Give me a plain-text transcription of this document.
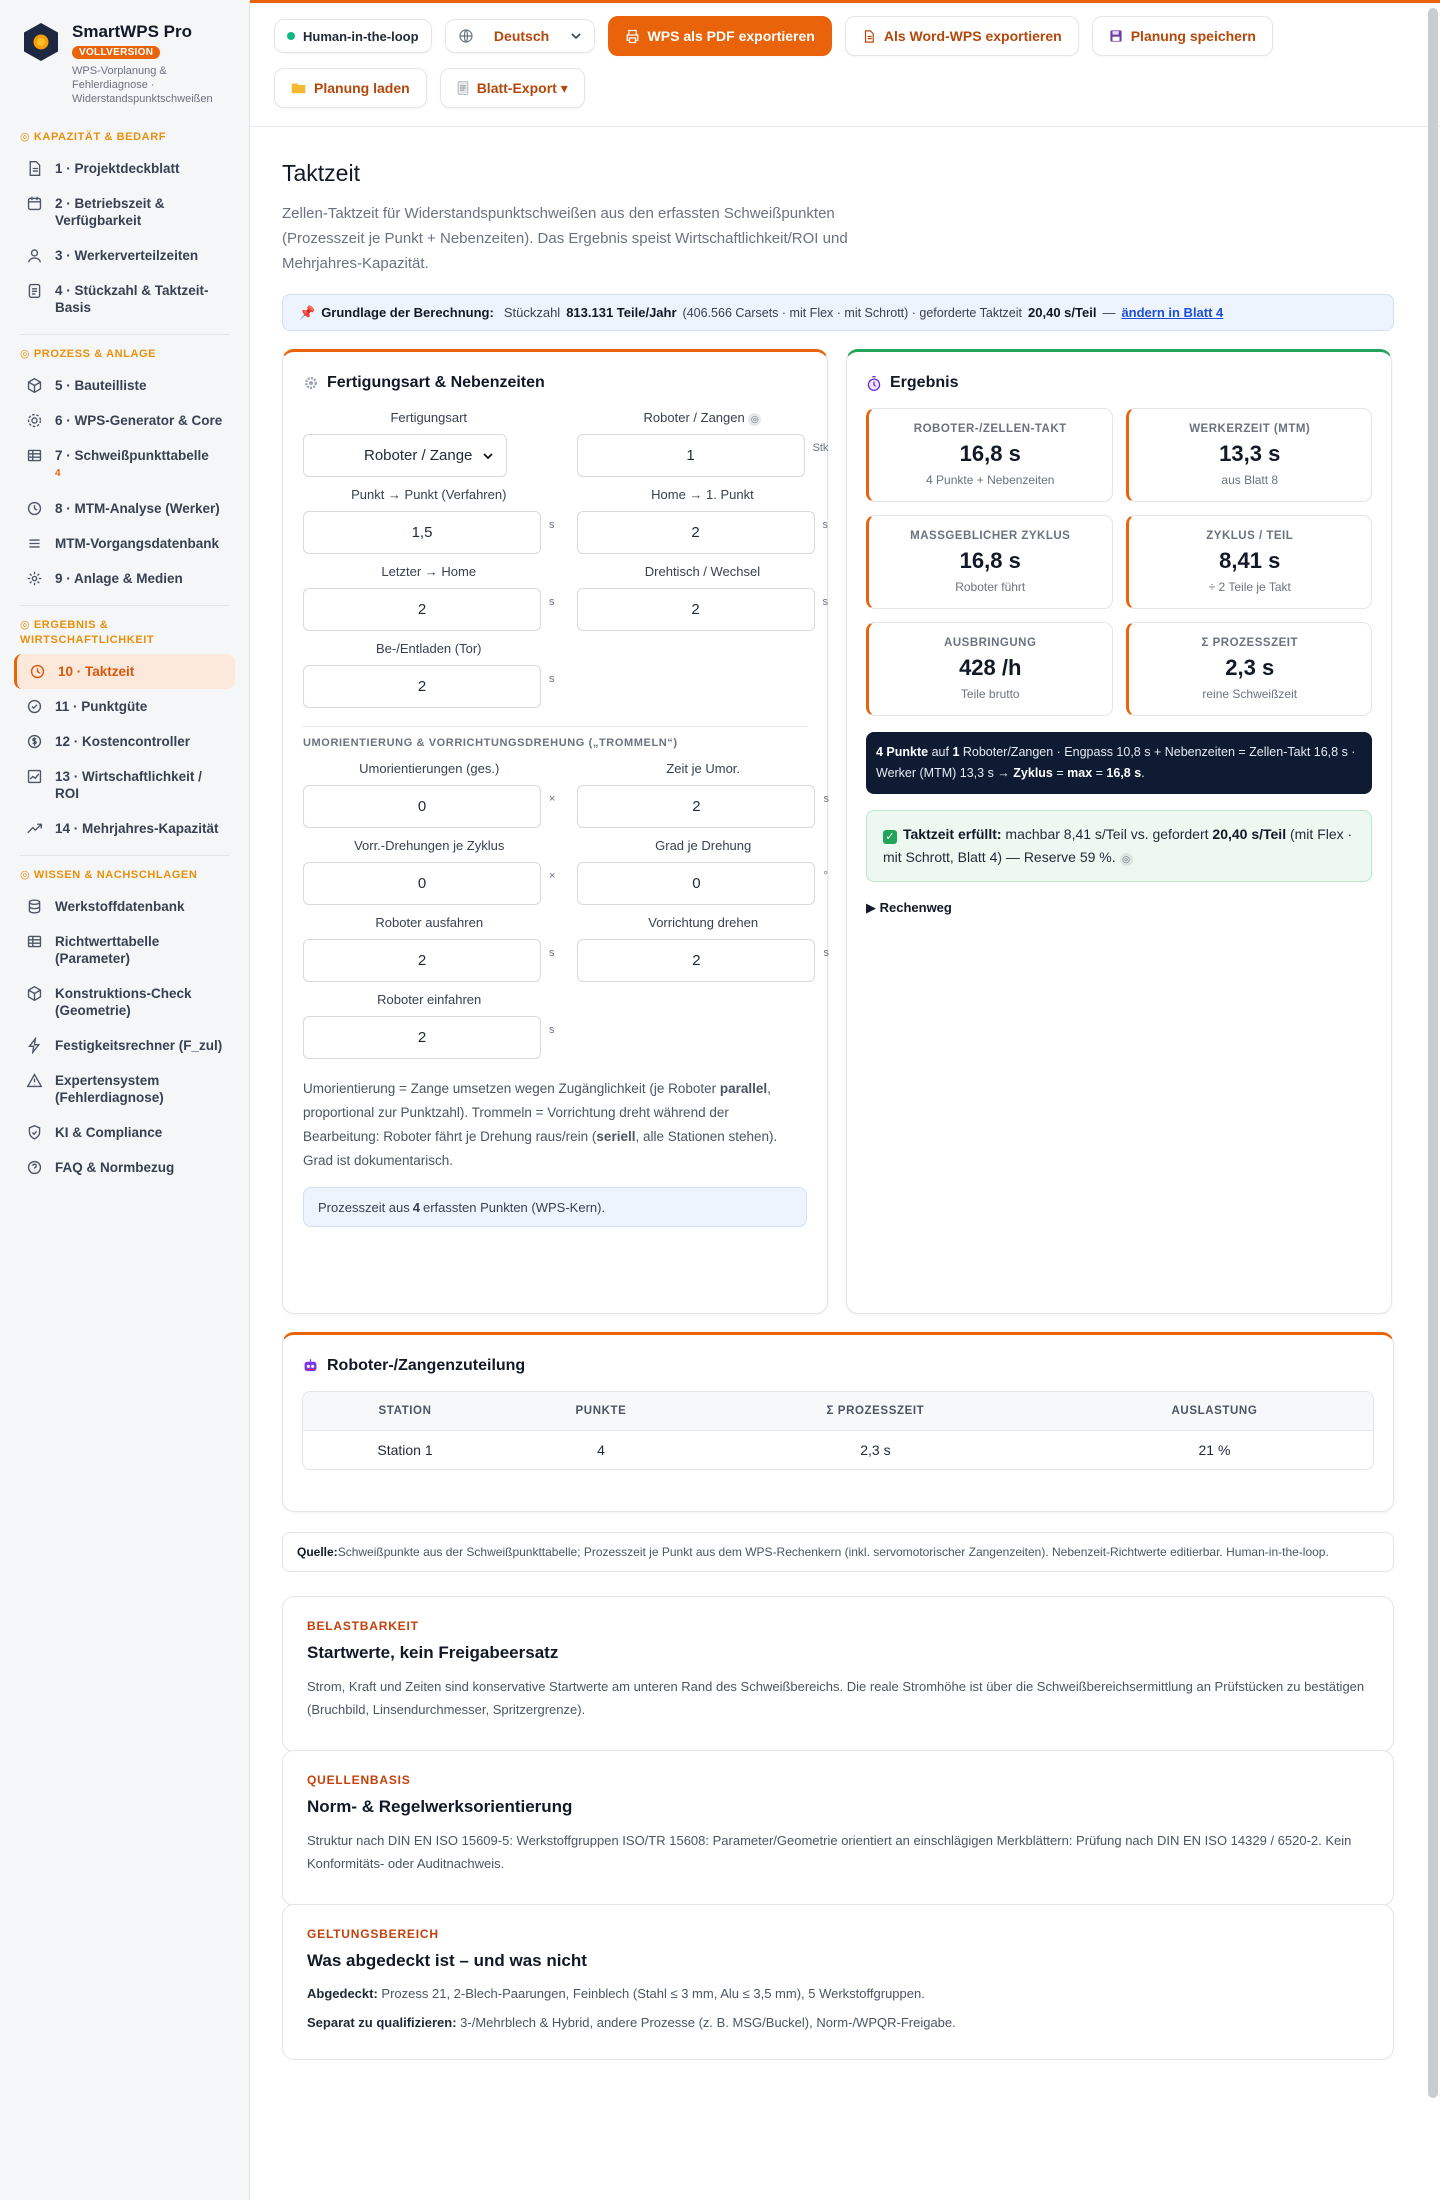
SmartWPS Pro
VOLLVERSION
WPS-Vorplanung & Fehlerdiagnose · Widerstandspunktschweißen
◎ KAPAZITÄT & BEDARF
1 · Projektdeckblatt
2 · Betriebszeit & Verfügbarkeit
3 · Werkerverteilzeiten
4 · Stückzahl & Taktzeit-Basis
◎ PROZESS & ANLAGE
5 · Bauteilliste
6 · WPS-Generator & Core
7 · Schweißpunkttabelle
4
8 · MTM-Analyse (Werker)
MTM-Vorgangsdatenbank
9 · Anlage & Medien
◎ ERGEBNIS & WIRTSCHAFTLICHKEIT
10 · Taktzeit
11 · Punktgüte
12 · Kostencontroller
13 · Wirtschaftlichkeit / ROI
14 · Mehrjahres-Kapazität
◎ WISSEN & NACHSCHLAGEN
Werkstoffdatenbank
Richtwerttabelle (Parameter)
Konstruktions-Check (Geometrie)
Festigkeitsrechner (F_zul)
Expertensystem (Fehlerdiagnose)
KI & Compliance
FAQ & Normbezug
Human-in-the-loop	Deutsch	WPS als PDF exportieren	Als Word-WPS exportieren	Planung speichern
Planung laden	Blatt-Export ▾
Taktzeit

Zellen-Taktzeit für Widerstandspunktschweißen aus den erfassten Schweißpunkten (Prozesszeit je Punkt + Nebenzeiten). Das Ergebnis speist Wirtschaftlichkeit/ROI und Mehrjahres-Kapazität.

📌 Grundlage der Berechnung: Stückzahl 813.131 Teile/Jahr (406.566 Carsets · mit Flex · mit Schrott) · geforderte Taktzeit 20,40 s/Teil — ändern in Blatt 4
Fertigungsart & Nebenzeiten
Fertigungsart
Roboter / Zange
Roboter / Zangen ◎
1	Stk
Punkt → Punkt (Verfahren)
1,5	s
Home → 1. Punkt
2	s
Letzter → Home
2	s
Drehtisch / Wechsel
2	s
Be-/Entladen (Tor)
2	s
UMORIENTIERUNG & VORRICHTUNGSDREHUNG („TROMMELN“)
Umorientierungen (ges.)
0	×
Zeit je Umor.
2	s
Vorr.-Drehungen je Zyklus
0	×
Grad je Drehung
0	°
Roboter ausfahren
2	s
Vorrichtung drehen
2	s
Roboter einfahren
2	s

Umorientierung = Zange umsetzen wegen Zugänglichkeit (je Roboter parallel, proportional zur Punktzahl). Trommeln = Vorrichtung dreht während der Bearbeitung: Roboter fährt je Drehung raus/rein (seriell, alle Stationen stehen). Grad ist dokumentarisch.

Prozesszeit aus 4 erfassten Punkten (WPS-Kern).
Ergebnis
ROBOTER-/ZELLEN-TAKT
16,8 s
4 Punkte + Nebenzeiten
WERKERZEIT (MTM)
13,3 s
aus Blatt 8
MASSGEBLICHER ZYKLUS
16,8 s
Roboter führt
ZYKLUS / TEIL
8,41 s
÷ 2 Teile je Takt
AUSBRINGUNG
428 /h
Teile brutto
Σ PROZESSZEIT
2,3 s
reine Schweißzeit
4 Punkte auf 1 Roboter/Zangen · Engpass 10,8 s + Nebenzeiten = Zellen-Takt 16,8 s · Werker (MTM) 13,3 s → Zyklus = max = 16,8 s.
✓ Taktzeit erfüllt: machbar 8,41 s/Teil vs. gefordert 20,40 s/Teil (mit Flex · mit Schrott, Blatt 4) — Reserve 59 %. ◎
▶ Rechenweg
Roboter-/Zangenzuteilung
STATION	PUNKTE	Σ PROZESSZEIT	AUSLASTUNG
Station 1	4	2,3 s	21 %
Quelle: Schweißpunkte aus der Schweißpunkttabelle; Prozesszeit je Punkt aus dem WPS-Rechenkern (inkl. servomotorischer Zangenzeiten). Nebenzeit-Richtwerte editierbar. Human-in-the-loop.
BELASTBARKEIT
Startwerte, kein Freigabeersatz
Strom, Kraft und Zeiten sind konservative Startwerte am unteren Rand des Schweißbereichs. Die reale Stromhöhe ist über die Schweißbereichsermittlung an Prüfstücken zu bestätigen (Bruchbild, Linsendurchmesser, Spritzergrenze).
QUELLENBASIS
Norm- & Regelwerksorientierung
Struktur nach DIN EN ISO 15609-5: Werkstoffgruppen ISO/TR 15608: Parameter/Geometrie orientiert an einschlägigen Merkblättern: Prüfung nach DIN EN ISO 14329 / 6520-2. Kein Konformitäts- oder Auditnachweis.
GELTUNGSBEREICH
Was abgedeckt ist – und was nicht
Abgedeckt: Prozess 21, 2-Blech-Paarungen, Feinblech (Stahl ≤ 3 mm, Alu ≤ 3,5 mm), 5 Werkstoffgruppen.
Separat zu qualifizieren: 3-/Mehrblech & Hybrid, andere Prozesse (z. B. MSG/Buckel), Norm-/WPQR-Freigabe.
